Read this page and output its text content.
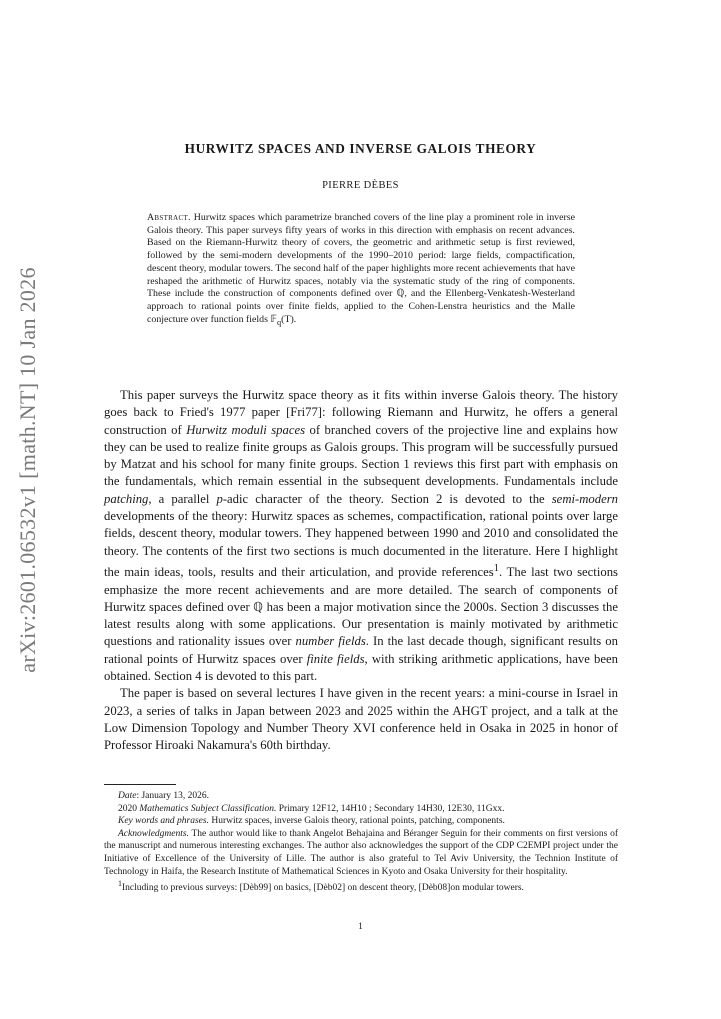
arXiv:2601.06532v1 [math.NT] 10 Jan 2026
HURWITZ SPACES AND INVERSE GALOIS THEORY
PIERRE DÈBES
Abstract. Hurwitz spaces which parametrize branched covers of the line play a prominent role in inverse Galois theory. This paper surveys fifty years of works in this direction with emphasis on recent advances. Based on the Riemann-Hurwitz theory of covers, the geometric and arithmetic setup is first reviewed, followed by the semi-modern developments of the 1990–2010 period: large fields, compactification, descent theory, modular towers. The second half of the paper highlights more recent achievements that have reshaped the arithmetic of Hurwitz spaces, notably via the systematic study of the ring of components. These include the construction of components defined over ℚ, and the Ellenberg-Venkatesh-Westerland approach to rational points over finite fields, applied to the Cohen-Lenstra heuristics and the Malle conjecture over function fields 𝔽$_q$(T).

This paper surveys the Hurwitz space theory as it fits within inverse Galois theory. The history goes back to Fried's 1977 paper [Fri77]: following Riemann and Hurwitz, he offers a general construction of Hurwitz moduli spaces of branched covers of the projective line and explains how they can be used to realize finite groups as Galois groups. This program will be successfully pursued by Matzat and his school for many finite groups. Section 1 reviews this first part with emphasis on the fundamentals, which remain essential in the subsequent developments. Fundamentals include patching, a parallel p-adic character of the theory. Section 2 is devoted to the semi-modern developments of the theory: Hurwitz spaces as schemes, compactification, rational points over large fields, descent theory, modular towers. They happened between 1990 and 2010 and consolidated the theory. The contents of the first two sections is much documented in the literature. Here I highlight the main ideas, tools, results and their articulation, and provide references$^1$. The last two sections emphasize the more recent achievements and are more detailed. The search of components of Hurwitz spaces defined over ℚ has been a major motivation since the 2000s. Section 3 discusses the latest results along with some applications. Our presentation is mainly motivated by arithmetic questions and rationality issues over number fields. In the last decade though, significant results on rational points of Hurwitz spaces over finite fields, with striking arithmetic applications, have been obtained. Section 4 is devoted to this part.

The paper is based on several lectures I have given in the recent years: a mini-course in Israel in 2023, a series of talks in Japan between 2023 and 2025 within the AHGT project, and a talk at the Low Dimension Topology and Number Theory XVI conference held in Osaka in 2025 in honor of Professor Hiroaki Nakamura's 60th birthday.

Date: January 13, 2026.

2020 Mathematics Subject Classification. Primary 12F12, 14H10 ; Secondary 14H30, 12E30, 11Gxx.

Key words and phrases. Hurwitz spaces, inverse Galois theory, rational points, patching, components.

Acknowledgments. The author would like to thank Angelot Behajaina and Béranger Seguin for their comments on first versions of the manuscript and numerous interesting exchanges. The author also acknowledges the support of the CDP C2EMPI project under the Initiative of Excellence of the University of Lille. The author is also grateful to Tel Aviv University, the Technion Institute of Technology in Haifa, the Research Institute of Mathematical Sciences in Kyoto and Osaka University for their hospitality.

$^1$Including to previous surveys: [Dèb99] on basics, [Dèb02] on descent theory, [Dèb08]on modular towers.

1
